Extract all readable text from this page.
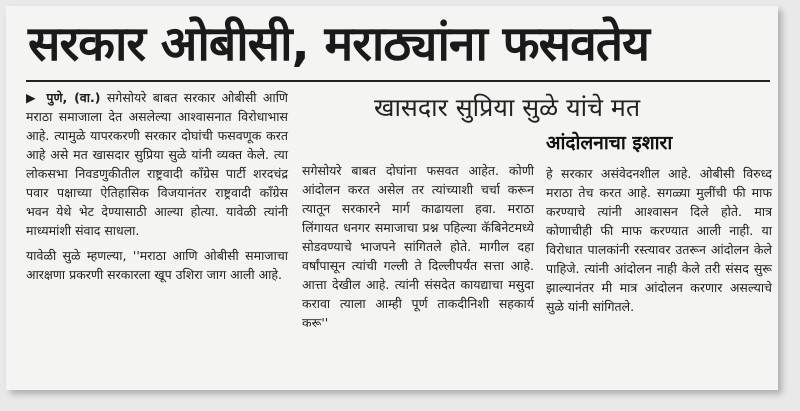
सरकार ओबीसी, मराठ्यांना फसवतेय
खासदार सुप्रिया सुळे यांचे मत
आंदोलनाचा इशारा

▶ पुणे, (वा.) सगेसोयरे बाबत सरकार ओबीसी आणि मराठा समाजाला देत असलेल्या आश्वासनात विरोधाभास आहे. त्यामुळे यापरकरणी सरकार दोघांची फसवणूक करत आहे असे मत खासदार सुप्रिया सुळे यांनी व्यक्त केले. त्या लोकसभा निवडणुकीतील राष्ट्रवादी कॉंग्रेस पार्टी शरदचंद्र पवार पक्षाच्या ऐतिहासिक विजयानंतर राष्ट्रवादी कॉंग्रेस भवन येथे भेट देण्यासाठी आल्या होत्या. यावेळी त्यांनी माध्यमांशी संवाद साधला.

यावेळी सुळे म्हणल्या, ''मराठा आणि ओबीसी समाजाचा आरक्षणा प्रकरणी सरकारला खूप उशिरा जाग आली आहे.

सगेसोयरे बाबत दोघांना फसवत आहेत. कोणी आंदोलन करत असेल तर त्यांच्याशी चर्चा करून त्यातून सरकारने मार्ग काढायला हवा. मराठा लिंगायत धनगर समाजाचा प्रश्न पहिल्या कॅबिनेटमध्ये सोडवण्याचे भाजपने सांगितले होते. मागील दहा वर्षांपासून त्यांची गल्ली ते दिल्लीपर्यंत सत्ता आहे. आत्ता देखील आहे. त्यांनी संसदेत कायद्याचा मसुदा करावा त्याला आम्ही पूर्ण ताकदीनिशी सहकार्य करू''

हे सरकार असंवेदनशील आहे. ओबीसी विरुध्द मराठा तेच करत आहे. सगळ्या मुलींची फी माफ करण्याचे त्यांनी आश्वासन दिले होते. मात्र कोणाचीही फी माफ करण्यात आली नाही. या विरोधात पालकांनी रस्त्यावर उतरून आंदोलन केले पाहिजे. त्यांनी आंदोलन नाही केले तरी संसद सुरू झाल्यानंतर मी मात्र आंदोलन करणार असल्याचे सुळे यांनी सांगितले.
